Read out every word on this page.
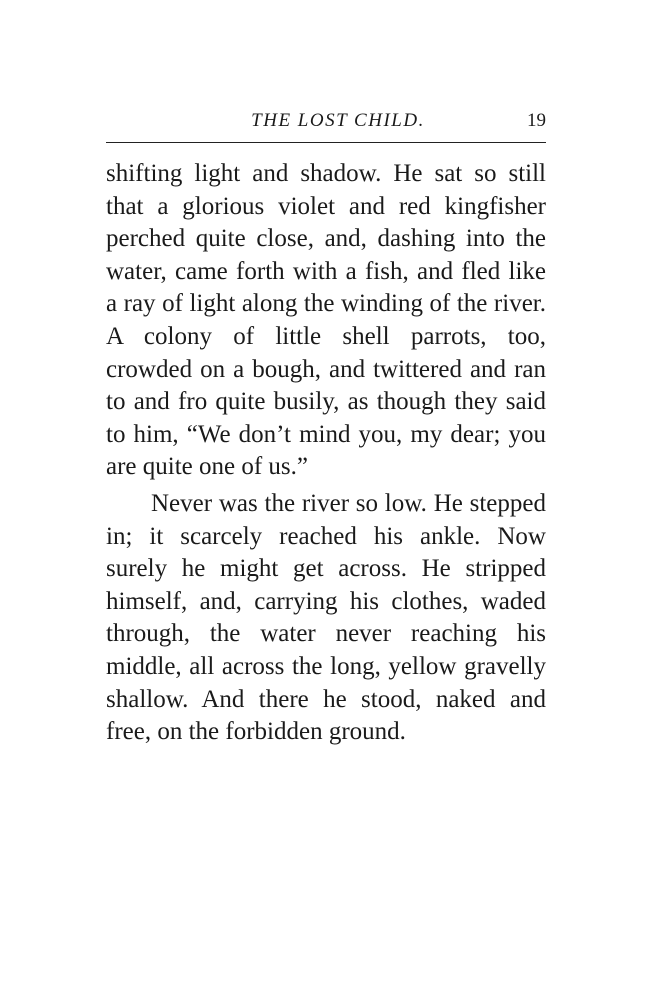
THE LOST CHILD.	19

shifting light and shadow. He sat so still that a glorious violet and red kingfisher perched quite close, and, dashing into the water, came forth with a fish, and fled like a ray of light along the winding of the river. A colony of little shell parrots, too, crowded on a bough, and twittered and ran to and fro quite busily, as though they said to him, “We don’t mind you, my dear; you are quite one of us.”

Never was the river so low. He stepped in; it scarcely reached his ankle. Now surely he might get across. He stripped himself, and, carrying his clothes, waded through, the water never reaching his middle, all across the long, yellow gravelly shallow. And there he stood, naked and free, on the forbidden ground.
